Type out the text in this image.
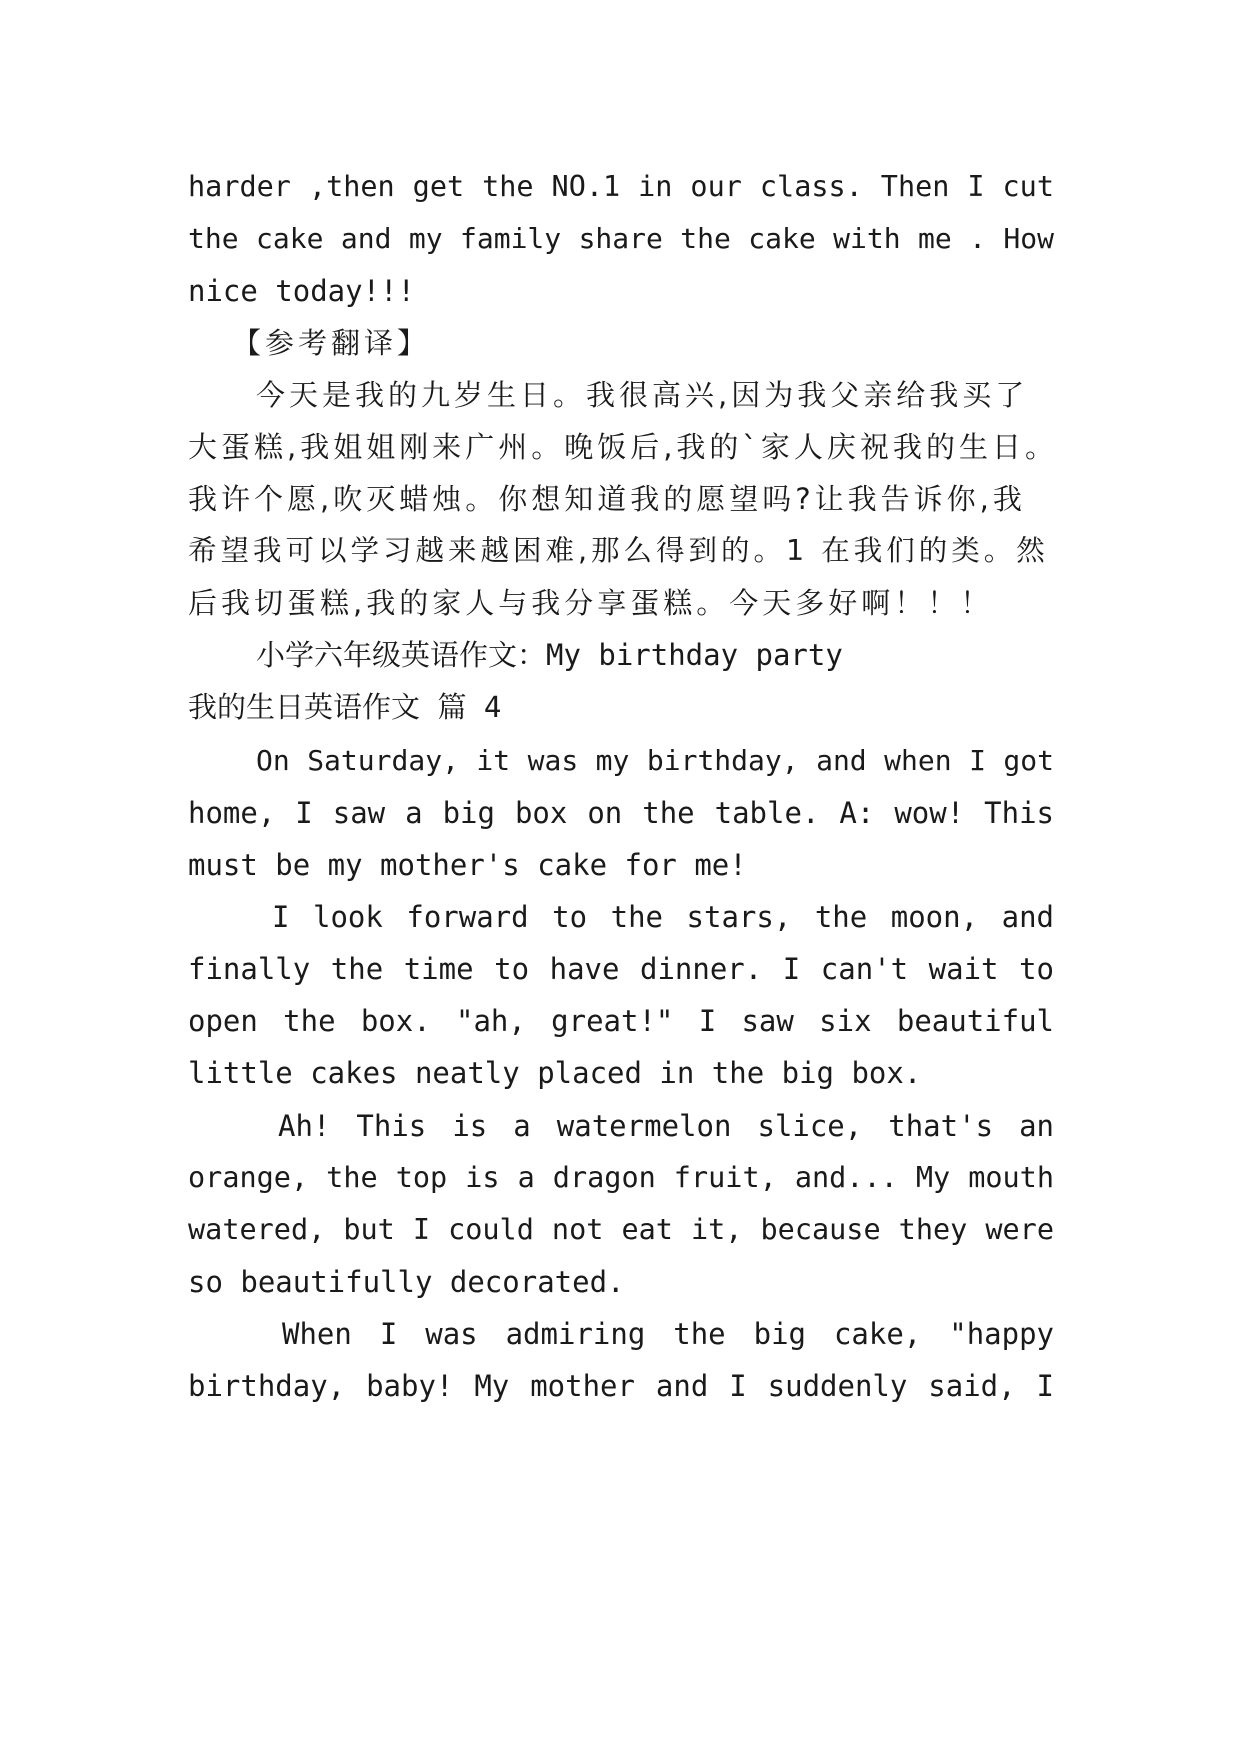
harder ,then get the NO.1 in our class. Then I cut
the cake and my family share the cake with me . How
nice today!!!
【参考翻译】
今天是我的九岁生日。我很高兴,因为我父亲给我买了
大蛋糕,我姐姐刚来广州。晚饭后,我的`家人庆祝我的生日。
我许个愿,吹灭蜡烛。你想知道我的愿望吗?让我告诉你,我
希望我可以学习越来越困难,那么得到的。1 在我们的类。然
后我切蛋糕,我的家人与我分享蛋糕。今天多好啊！！！
小学六年级英语作文：My birthday party
我的生日英语作文 篇 4
On Saturday, it was my birthday, and when I got
home, I saw a big box on the table. A: wow! This
must be my mother's cake for me!
I look forward to the stars, the moon, and
finally the time to have dinner. I can't wait to
open the box. "ah, great!" I saw six beautiful
little cakes neatly placed in the big box.
Ah! This is a watermelon slice, that's an
orange, the top is a dragon fruit, and... My mouth
watered, but I could not eat it, because they were
so beautifully decorated.
When I was admiring the big cake, "happy
birthday, baby! My mother and I suddenly said, I
